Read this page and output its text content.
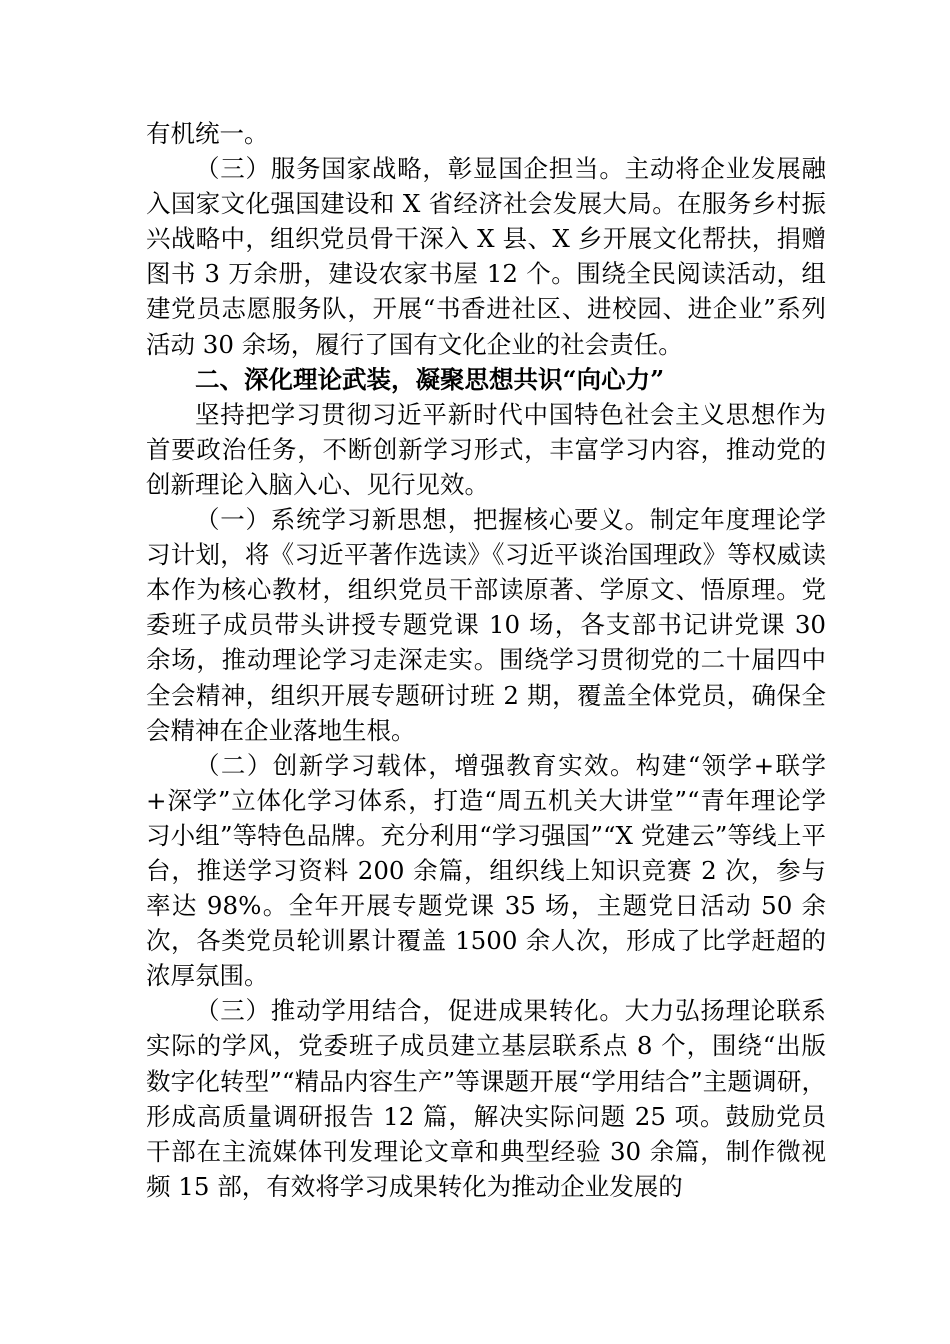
有机统一。

（三）服务国家战略，彰显国企担当。主动将企业发展融入国家文化强国建设和 X 省经济社会发展大局。在服务乡村振兴战略中，组织党员骨干深入 X 县、X 乡开展文化帮扶，捐赠图书 3 万余册，建设农家书屋 12 个。围绕全民阅读活动，组建党员志愿服务队，开展“书香进社区、进校园、进企业”系列活动 30 余场，履行了国有文化企业的社会责任。

二、深化理论武装，凝聚思想共识“向心力”

坚持把学习贯彻习近平新时代中国特色社会主义思想作为首要政治任务，不断创新学习形式，丰富学习内容，推动党的创新理论入脑入心、见行见效。

（一）系统学习新思想，把握核心要义。制定年度理论学习计划，将《习近平著作选读》《习近平谈治国理政》等权威读本作为核心教材，组织党员干部读原著、学原文、悟原理。党委班子成员带头讲授专题党课 10 场，各支部书记讲党课 30 余场，推动理论学习走深走实。围绕学习贯彻党的二十届四中全会精神，组织开展专题研讨班 2 期，覆盖全体党员，确保全会精神在企业落地生根。

（二）创新学习载体，增强教育实效。构建“领学+联学+深学”立体化学习体系，打造“周五机关大讲堂”“青年理论学习小组”等特色品牌。充分利用“学习强国”“X 党建云”等线上平台，推送学习资料 200 余篇，组织线上知识竞赛 2 次，参与率达 98%。全年开展专题党课 35 场，主题党日活动 50 余次，各类党员轮训累计覆盖 1500 余人次，形成了比学赶超的浓厚氛围。

（三）推动学用结合，促进成果转化。大力弘扬理论联系实际的学风，党委班子成员建立基层联系点 8 个，围绕“出版数字化转型”“精品内容生产”等课题开展“学用结合”主题调研，形成高质量调研报告 12 篇，解决实际问题 25 项。鼓励党员干部在主流媒体刊发理论文章和典型经验 30 余篇，制作微视频 15 部，有效将学习成果转化为推动企业发展的
